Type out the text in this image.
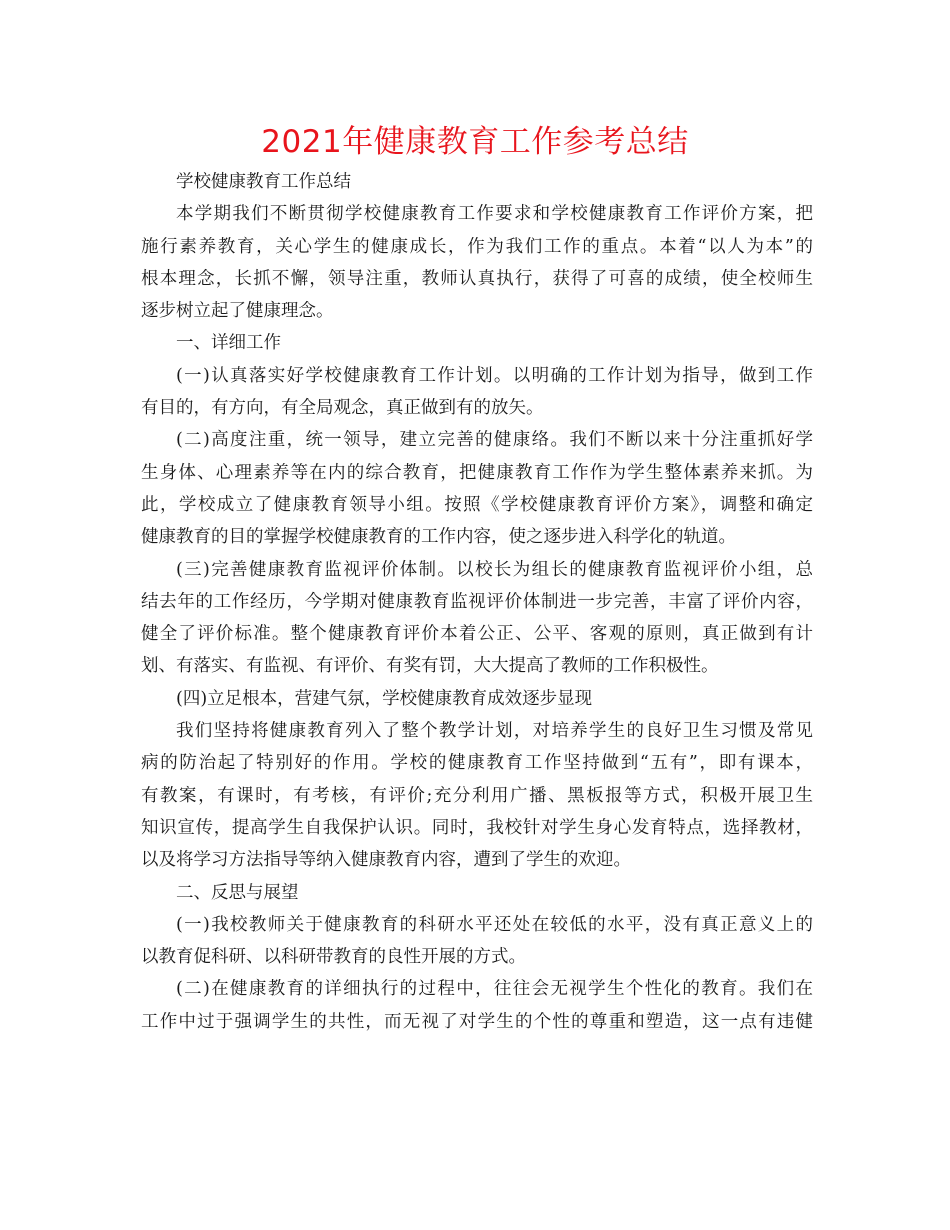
2021年健康教育工作参考总结
学校健康教育工作总结
本学期我们不断贯彻学校健康教育工作要求和学校健康教育工作评价方案，把
施行素养教育，关心学生的健康成长，作为我们工作的重点。本着“以人为本”的
根本理念，长抓不懈，领导注重，教师认真执行，获得了可喜的成绩，使全校师生
逐步树立起了健康理念。
一、详细工作
(一)认真落实好学校健康教育工作计划。以明确的工作计划为指导，做到工作
有目的，有方向，有全局观念，真正做到有的放矢。
(二)高度注重，统一领导，建立完善的健康络。我们不断以来十分注重抓好学
生身体、心理素养等在内的综合教育，把健康教育工作作为学生整体素养来抓。为
此，学校成立了健康教育领导小组。按照《学校健康教育评价方案》，调整和确定
健康教育的目的掌握学校健康教育的工作内容，使之逐步进入科学化的轨道。
(三)完善健康教育监视评价体制。以校长为组长的健康教育监视评价小组，总
结去年的工作经历，今学期对健康教育监视评价体制进一步完善，丰富了评价内容，
健全了评价标准。整个健康教育评价本着公正、公平、客观的原则，真正做到有计
划、有落实、有监视、有评价、有奖有罚，大大提高了教师的工作积极性。
(四)立足根本，营建气氛，学校健康教育成效逐步显现
我们坚持将健康教育列入了整个教学计划，对培养学生的良好卫生习惯及常见
病的防治起了特别好的作用。学校的健康教育工作坚持做到“五有”，即有课本，
有教案，有课时，有考核，有评价;充分利用广播、黑板报等方式，积极开展卫生
知识宣传，提高学生自我保护认识。同时，我校针对学生身心发育特点，选择教材，
以及将学习方法指导等纳入健康教育内容，遭到了学生的欢迎。
二、反思与展望
(一)我校教师关于健康教育的科研水平还处在较低的水平，没有真正意义上的
以教育促科研、以科研带教育的良性开展的方式。
(二)在健康教育的详细执行的过程中，往往会无视学生个性化的教育。我们在
工作中过于强调学生的共性，而无视了对学生的个性的尊重和塑造，这一点有违健
